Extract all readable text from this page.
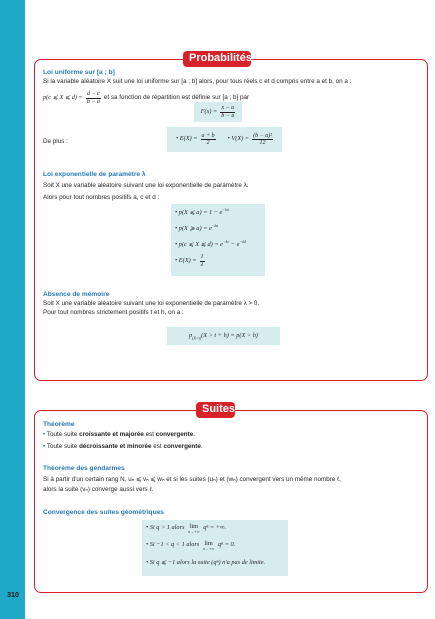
310
Probabilités
Loi uniforme sur [a ; b]
Si la variable aléatoire X suit une loi uniforme sur [a ; b] alors, pour tous réels c et d compris entre a et b, on a :
p(c ⩽ X ⩽ $d) = \frac{d - c}{b - a}$ et sa fonction de répartition est définie sur [a ; b] par
$F(x) = \frac{x - a}{b - a}$
De plus :	• $E(X) = \frac{a + b}{2}$ • $V(X) = \frac{\text{(b − a)²}}{12}$
Loi exponentielle de paramètre λ
Soit X une variable aléatoire suivant une loi exponentielle de paramètre λ.
Alors pour tout nombres positifs a, c et d :
• p(X ⩽ $a) = 1 - e^{-\lambda a}$
• p(X ⩾ $a) = e^{-\lambda a}$
• p(c ⩽ X ⩽ $d) = e^{-\lambda c} - e^{-\lambda d}$
• $E(X) = \frac{1}{\lambda}$
Absence de mémoire
Soit X une variable aléatoire suivant une loi exponentielle de paramètre λ > 0.
Pour tout nombres strictement positifs t et h, on a :
$p_{(X>t)}(X > t + h) = p(X > h)$
Suites
Théorème
• Toute suite croissante et majorée est convergente.
• Toute suite décroissante et minorée est convergente.
Théorème des gendarmes
Si à partir d'un certain rang N, uₙ ⩽ vₙ ⩽ wₙ et si les suites (uₙ) et (wₙ) convergent vers un même nombre ℓ,
alors la suite (vₙ) converge aussi vers ℓ.
Convergence des suites géométriques
• Si q > 1 alors lim
n→+∞
qⁿ = +∞.
• Si −1 < q < 1 alors lim
n→+∞
qⁿ = 0.
• Si q ⩽ −1 alors la suite (qⁿ) n'a pas de limite.
